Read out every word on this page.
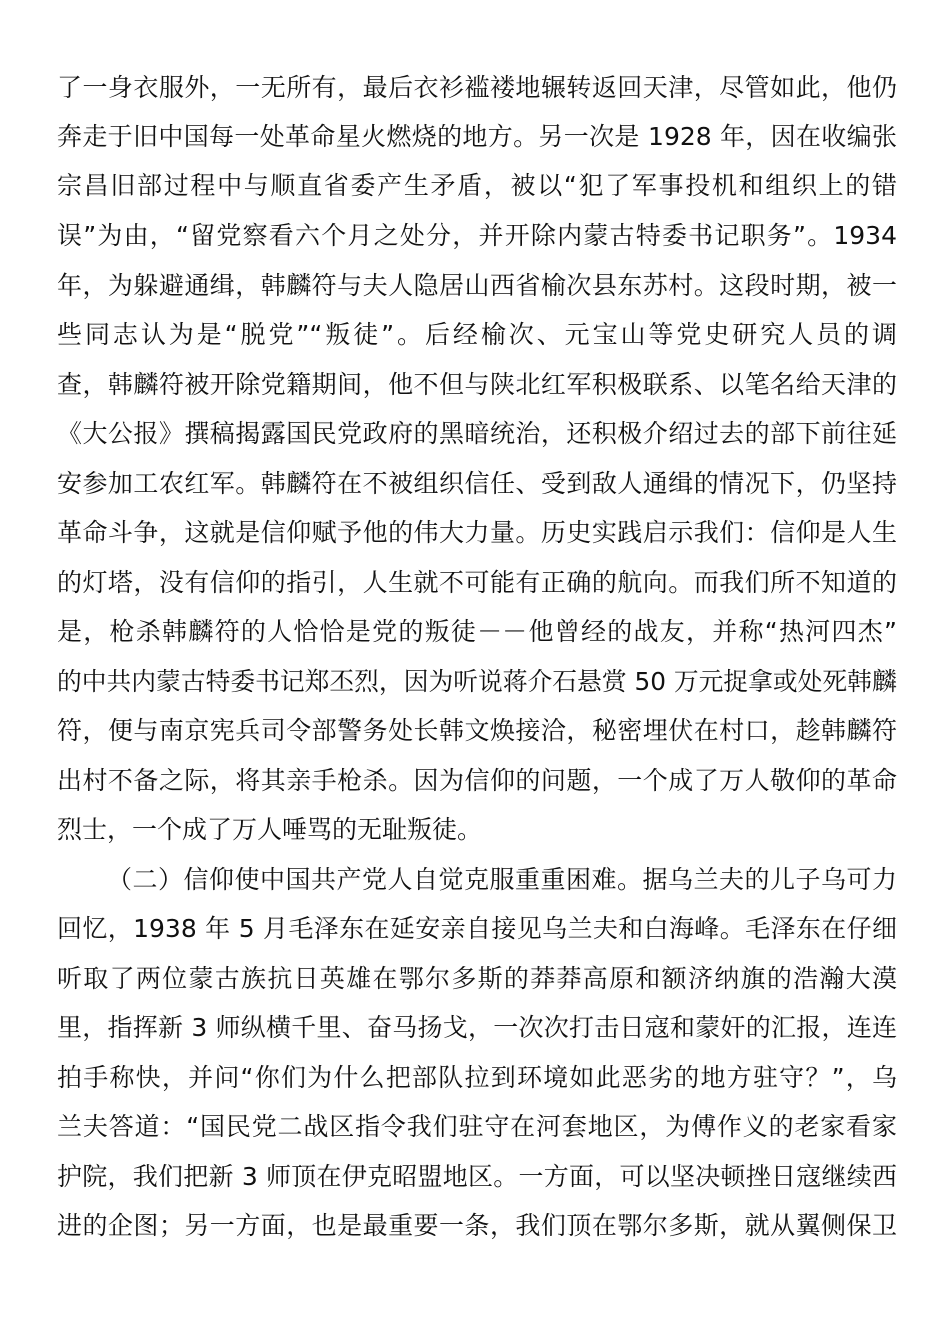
了一身衣服外，一无所有，最后衣衫褴褛地辗转返回天津，尽管如此，他仍
奔走于旧中国每一处革命星火燃烧的地方。另一次是 1928 年，因在收编张
宗昌旧部过程中与顺直省委产生矛盾，被以“犯了军事投机和组织上的错
误”为由，“留党察看六个月之处分，并开除内蒙古特委书记职务”。1934
年，为躲避通缉，韩麟符与夫人隐居山西省榆次县东苏村。这段时期，被一
些同志认为是“脱党”“叛徒”。后经榆次、元宝山等党史研究人员的调
查，韩麟符被开除党籍期间，他不但与陕北红军积极联系、以笔名给天津的
《大公报》撰稿揭露国民党政府的黑暗统治，还积极介绍过去的部下前往延
安参加工农红军。韩麟符在不被组织信任、受到敌人通缉的情况下，仍坚持
革命斗争，这就是信仰赋予他的伟大力量。历史实践启示我们：信仰是人生
的灯塔，没有信仰的指引，人生就不可能有正确的航向。而我们所不知道的
是，枪杀韩麟符的人恰恰是党的叛徒－－他曾经的战友，并称“热河四杰”
的中共内蒙古特委书记郑丕烈，因为听说蒋介石悬赏 50 万元捉拿或处死韩麟
符，便与南京宪兵司令部警务处长韩文焕接洽，秘密埋伏在村口，趁韩麟符
出村不备之际，将其亲手枪杀。因为信仰的问题，一个成了万人敬仰的革命
烈士，一个成了万人唾骂的无耻叛徒。
（二）信仰使中国共产党人自觉克服重重困难。据乌兰夫的儿子乌可力
回忆，1938 年 5 月毛泽东在延安亲自接见乌兰夫和白海峰。毛泽东在仔细
听取了两位蒙古族抗日英雄在鄂尔多斯的莽莽高原和额济纳旗的浩瀚大漠
里，指挥新 3 师纵横千里、奋马扬戈，一次次打击日寇和蒙奸的汇报，连连
拍手称快，并问“你们为什么把部队拉到环境如此恶劣的地方驻守？”，乌
兰夫答道：“国民党二战区指令我们驻守在河套地区，为傅作义的老家看家
护院，我们把新 3 师顶在伊克昭盟地区。一方面，可以坚决顿挫日寇继续西
进的企图；另一方面，也是最重要一条，我们顶在鄂尔多斯，就从翼侧保卫
